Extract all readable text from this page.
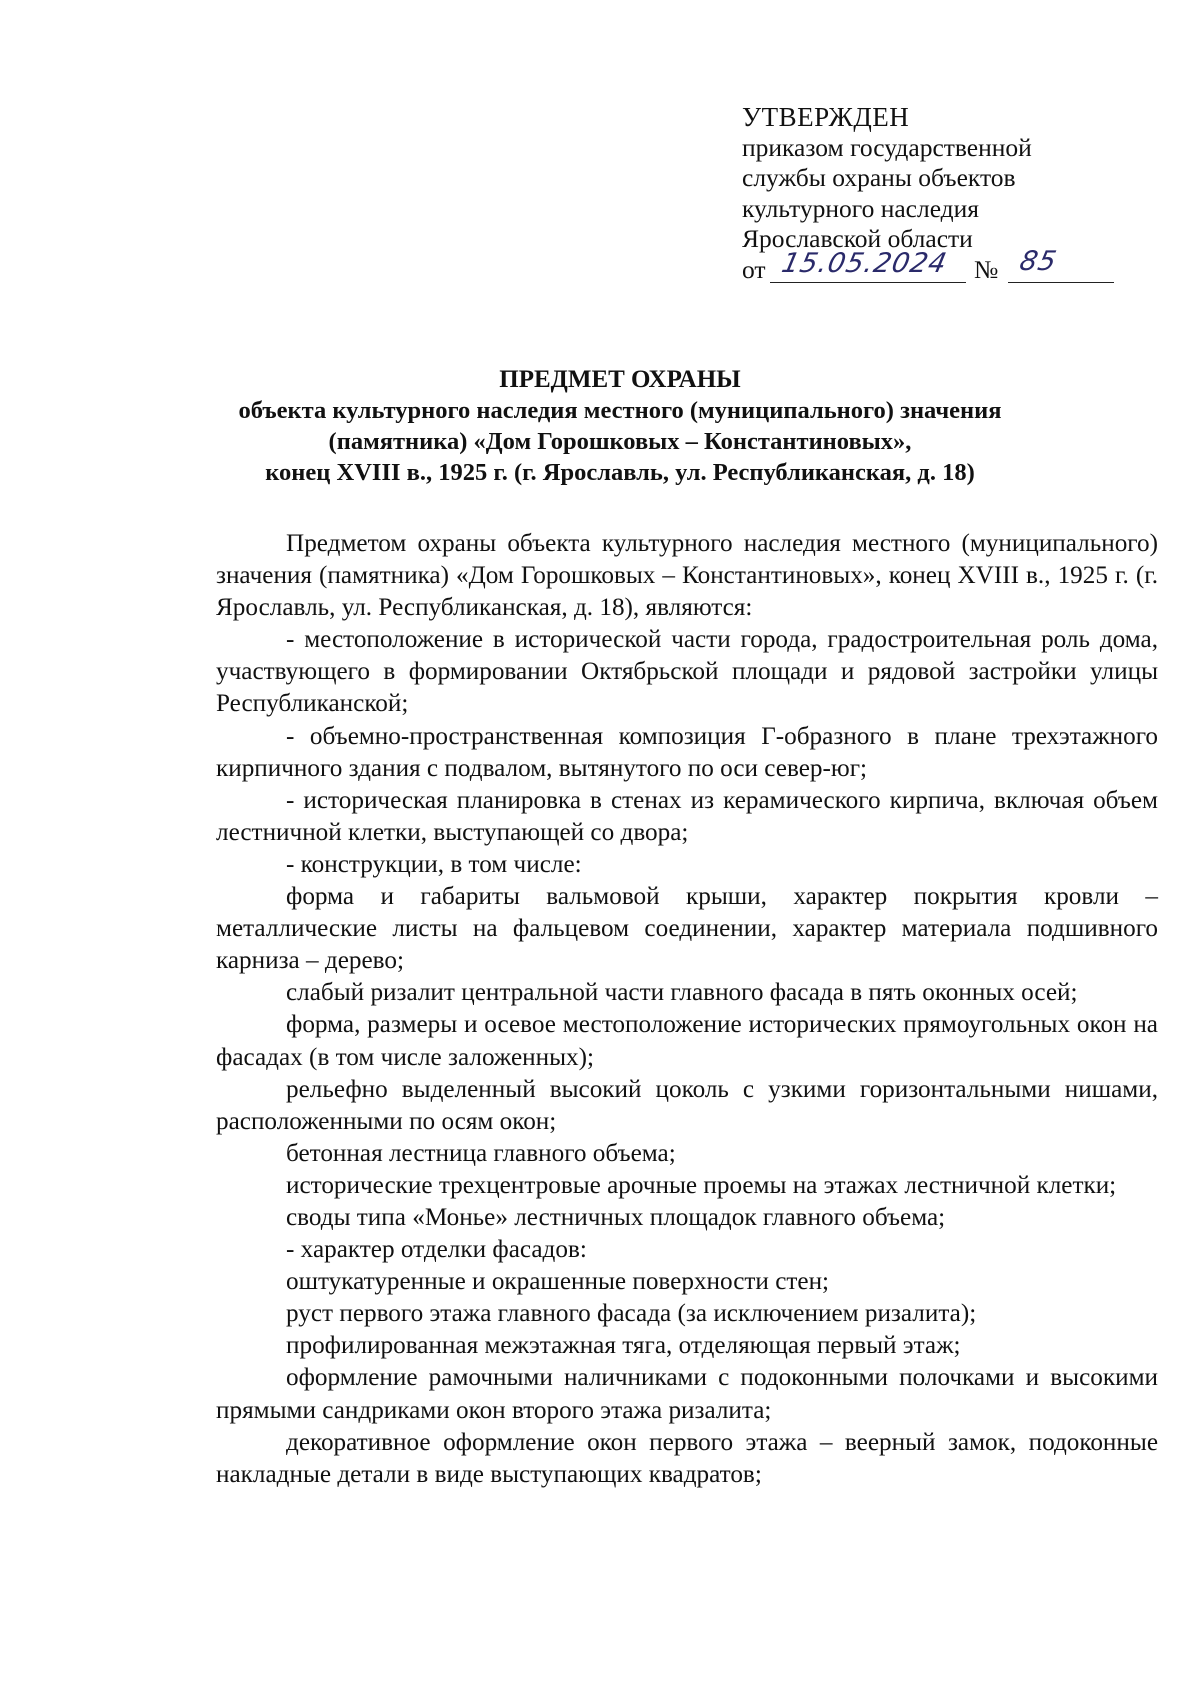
УТВЕРЖДЕН
приказом государственной
службы охраны объектов
культурного наследия
Ярославской области
от 15.05.2024 № 85
ПРЕДМЕТ ОХРАНЫ
объекта культурного наследия местного (муниципального) значения
(памятника) «Дом Горошковых – Константиновых»,
конец XVIII в., 1925 г. (г. Ярославль, ул. Республиканская, д. 18)

Предметом охраны объекта культурного наследия местного (муниципального) значения (памятника) «Дом Горошковых – Константиновых», конец XVIII в., 1925 г. (г. Ярославль, ул. Республиканская, д. 18), являются:

- местоположение в исторической части города, градостроительная роль дома, участвующего в формировании Октябрьской площади и рядовой застройки улицы Республиканской;

- объемно-пространственная композиция Г-образного в плане трехэтажного кирпичного здания с подвалом, вытянутого по оси север-юг;

- историческая планировка в стенах из керамического кирпича, включая объем лестничной клетки, выступающей со двора;

- конструкции, в том числе:

форма и габариты вальмовой крыши, характер покрытия кровли – металлические листы на фальцевом соединении, характер материала подшивного карниза – дерево;

слабый ризалит центральной части главного фасада в пять оконных осей;

форма, размеры и осевое местоположение исторических прямоугольных окон на фасадах (в том числе заложенных);

рельефно выделенный высокий цоколь с узкими горизонтальными нишами, расположенными по осям окон;

бетонная лестница главного объема;

исторические трехцентровые арочные проемы на этажах лестничной клетки;

своды типа «Монье» лестничных площадок главного объема;

- характер отделки фасадов:

оштукатуренные и окрашенные поверхности стен;

руст первого этажа главного фасада (за исключением ризалита);

профилированная межэтажная тяга, отделяющая первый этаж;

оформление рамочными наличниками с подоконными полочками и высокими прямыми сандриками окон второго этажа ризалита;

декоративное оформление окон первого этажа – веерный замок, подоконные накладные детали в виде выступающих квадратов;
